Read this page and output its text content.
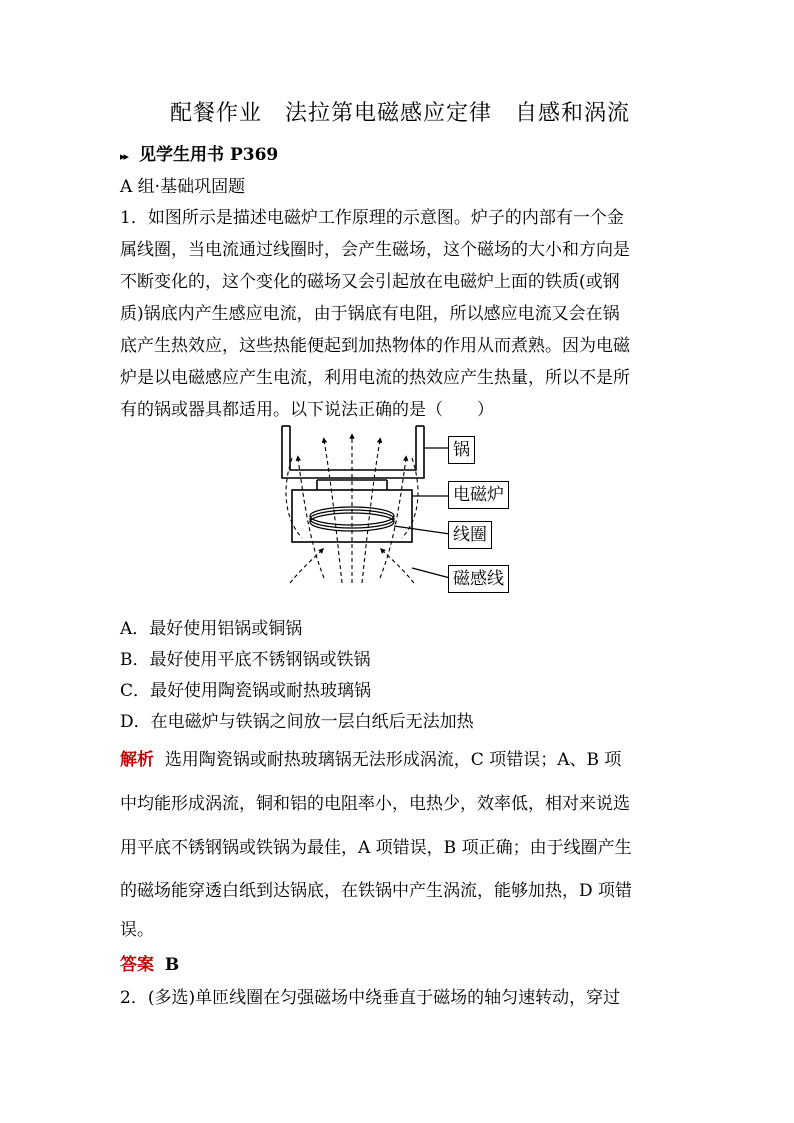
配餐作业　法拉第电磁感应定律　自感和涡流
▸▸ 见学生用书 P369
A 组·基础巩固题
1．如图所示是描述电磁炉工作原理的示意图。炉子的内部有一个金
属线圈，当电流通过线圈时，会产生磁场，这个磁场的大小和方向是
不断变化的，这个变化的磁场又会引起放在电磁炉上面的铁质(或钢
质)锅底内产生感应电流，由于锅底有电阻，所以感应电流又会在锅
底产生热效应，这些热能便起到加热物体的作用从而煮熟。因为电磁
炉是以电磁感应产生电流，利用电流的热效应产生热量，所以不是所
有的锅或器具都适用。以下说法正确的是（　　）
锅
电磁炉
线圈
磁感线
A．最好使用铝锅或铜锅
B．最好使用平底不锈钢锅或铁锅
C．最好使用陶瓷锅或耐热玻璃锅
D．在电磁炉与铁锅之间放一层白纸后无法加热
解析 选用陶瓷锅或耐热玻璃锅无法形成涡流，C 项错误；A、B 项
中均能形成涡流，铜和铝的电阻率小，电热少，效率低，相对来说选
用平底不锈钢锅或铁锅为最佳，A 项错误，B 项正确；由于线圈产生
的磁场能穿透白纸到达锅底，在铁锅中产生涡流，能够加热，D 项错
误。
答案 B
2．(多选)单匝线圈在匀强磁场中绕垂直于磁场的轴匀速转动，穿过
